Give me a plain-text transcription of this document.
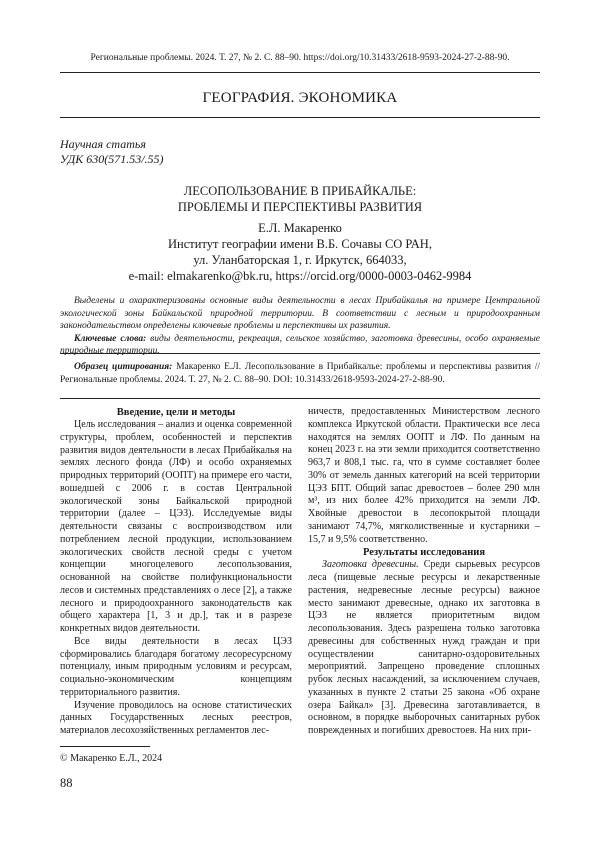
Региональные проблемы. 2024. Т. 27, № 2. С. 88–90. https://doi.org/10.31433/2618-9593-2024-27-2-88-90.
ГЕОГРАФИЯ. ЭКОНОМИКА
Научная статья
УДК 630(571.53/.55)
ЛЕСОПОЛЬЗОВАНИЕ В ПРИБАЙКАЛЬЕ:
ПРОБЛЕМЫ И ПЕРСПЕКТИВЫ РАЗВИТИЯ
Е.Л. Макаренко
Институт географии имени В.Б. Сочавы СО РАН,
ул. Уланбаторская 1, г. Иркутск, 664033,
e-mail: elmakarenko@bk.ru, https://orcid.org/0000-0003-0462-9984

Выделены и охарактеризованы основные виды деятельности в лесах Прибайкалья на примере Центральной экологической зоны Байкальской природной территории. В соответствии с лесным и природоохранным законодательством определены ключевые проблемы и перспективы их развития.

Ключевые слова: виды деятельности, рекреация, сельское хозяйство, заготовка древесины, особо охраняемые природные территории.

Образец цитирования: Макаренко Е.Л. Лесопользование в Прибайкалье: проблемы и перспективы развития // Региональные проблемы. 2024. Т. 27, № 2. С. 88–90. DOI: 10.31433/2618-9593-2024-27-2-88-90.
Введение, цели и методы

Цель исследования – анализ и оценка современной структуры, проблем, особенностей и перспектив развития видов деятельности в лесах Прибайкалья на землях лесного фонда (ЛФ) и особо охраняемых природных территорий (ООПТ) на примере его части, вошедшей с 2006 г. в состав Центральной экологической зоны Байкальской природной территории (далее – ЦЭЗ). Исследуемые виды деятельности связаны с воспроизводством или потреблением лесной продукции, использованием экологических свойств лесной среды с учетом концепции многоцелевого лесопользования, основанной на свойстве полифункциональности лесов и системных представлениях о лесе [2], а также лесного и природоохранного законодательств как общего характера [1, 3 и др.], так и в разрезе конкретных видов деятельности.

Все виды деятельности в лесах ЦЭЗ сформировались благодаря богатому лесоресурсному потенциалу, иным природным условиям и ресурсам, социально-экономическим концепциям территориального развития.

Изучение проводилось на основе статистических данных Государственных лесных реестров, материалов лесохозяйственных регламентов лес-

ничеств, предоставленных Министерством лесного комплекса Иркутской области. Практически все леса находятся на землях ООПТ и ЛФ. По данным на конец 2023 г. на эти земли приходится соответственно 963,7 и 808,1 тыс. га, что в сумме составляет более 30% от земель данных категорий на всей территории ЦЭЗ БПТ. Общий запас древостоев – более 290 млн м³, из них более 42% приходится на земли ЛФ. Хвойные древостои в лесопокрытой площади занимают 74,7%, мягколиственные и кустарники – 15,7 и 9,5% соответственно.

Результаты исследования

Заготовка древесины. Среди сырьевых ресурсов леса (пищевые лесные ресурсы и лекарственные растения, недревесные лесные ресурсы) важное место занимают древесные, однако их заготовка в ЦЭЗ не является приоритетным видом лесопользования. Здесь разрешена только заготовка древесины для собственных нужд граждан и при осуществлении санитарно-оздоровительных мероприятий. Запрещено проведение сплошных рубок лесных насаждений, за исключением случаев, указанных в пункте 2 статьи 25 закона «Об охране озера Байкал» [3]. Древесина заготавливается, в основном, в порядке выборочных санитарных рубок поврежденных и погибших древостоев. На них при-

© Макаренко Е.Л., 2024
88
